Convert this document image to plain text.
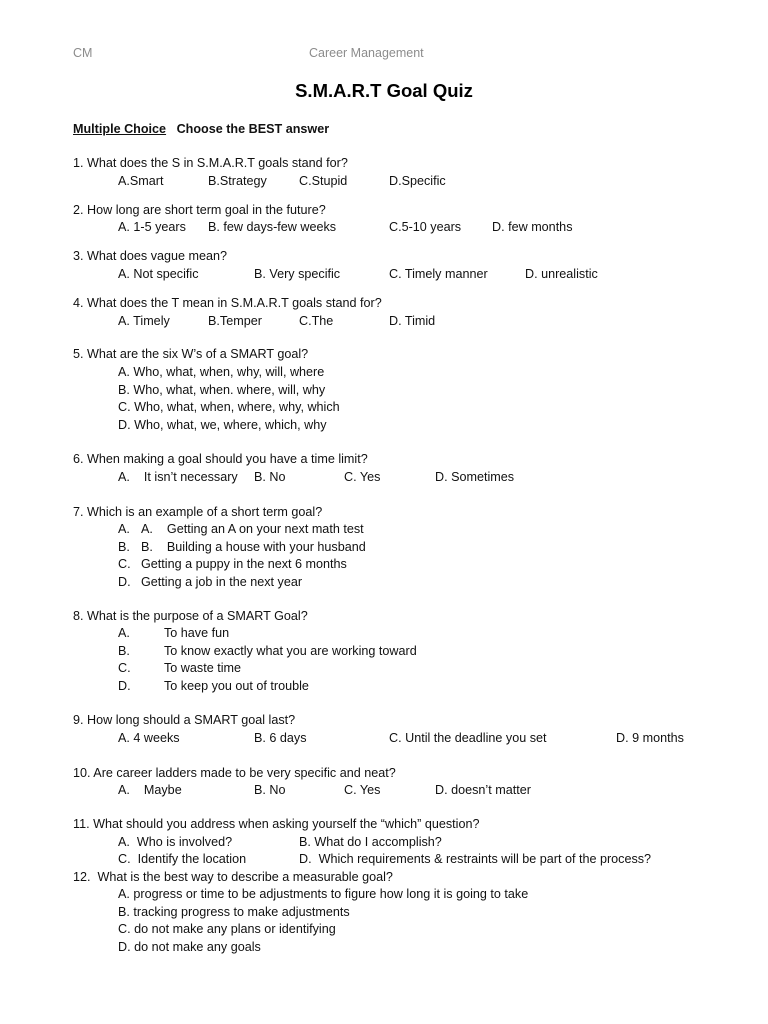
CM	Career Management
S.M.A.R.T Goal Quiz
Multiple Choice Choose the BEST answer
1. What does the S in S.M.A.R.T goals stand for?
A.Smart	B.Strategy	C.Stupid	D.Specific
2. How long are short term goal in the future?
A. 1-5 years B. few days-few weeks	C.5-10 years D. few months
3. What does vague mean?
A. Not specific	B. Very specific	C. Timely manner	D. unrealistic
4. What does the T mean in S.M.A.R.T goals stand for?
A. Timely	B.Temper	C.The	D. Timid
5. What are the six W’s of a SMART goal?
A. Who, what, when, why, will, where
B. Who, what, when. where, will, why
C. Who, what, when, where, why, which
D. Who, what, we, where, which, why
6. When making a goal should you have a time limit?
A.    It isn’t necessary B. No	C. Yes	D. Sometimes
7. Which is an example of a short term goal?
A. A.    Getting an A on your next math test
B. B.    Building a house with your husband
C. Getting a puppy in the next 6 months
D. Getting a job in the next year
8. What is the purpose of a SMART Goal?
A.	To have fun
B.	To know exactly what you are working toward
C.	To waste time
D.	To keep you out of trouble
9. How long should a SMART goal last?
A. 4 weeks	B. 6 days	C. Until the deadline you set	D. 9 months
10. Are career ladders made to be very specific and neat?
A.    Maybe	B. No	C. Yes	D. doesn’t matter
11. What should you address when asking yourself the “which” question?
A.  Who is involved?	B. What do I accomplish?
C.  Identify the location	D.  Which requirements & restraints will be part of the process?
12.  What is the best way to describe a measurable goal?
A. progress or time to be adjustments to figure how long it is going to take
B. tracking progress to make adjustments
C. do not make any plans or identifying
D. do not make any goals
